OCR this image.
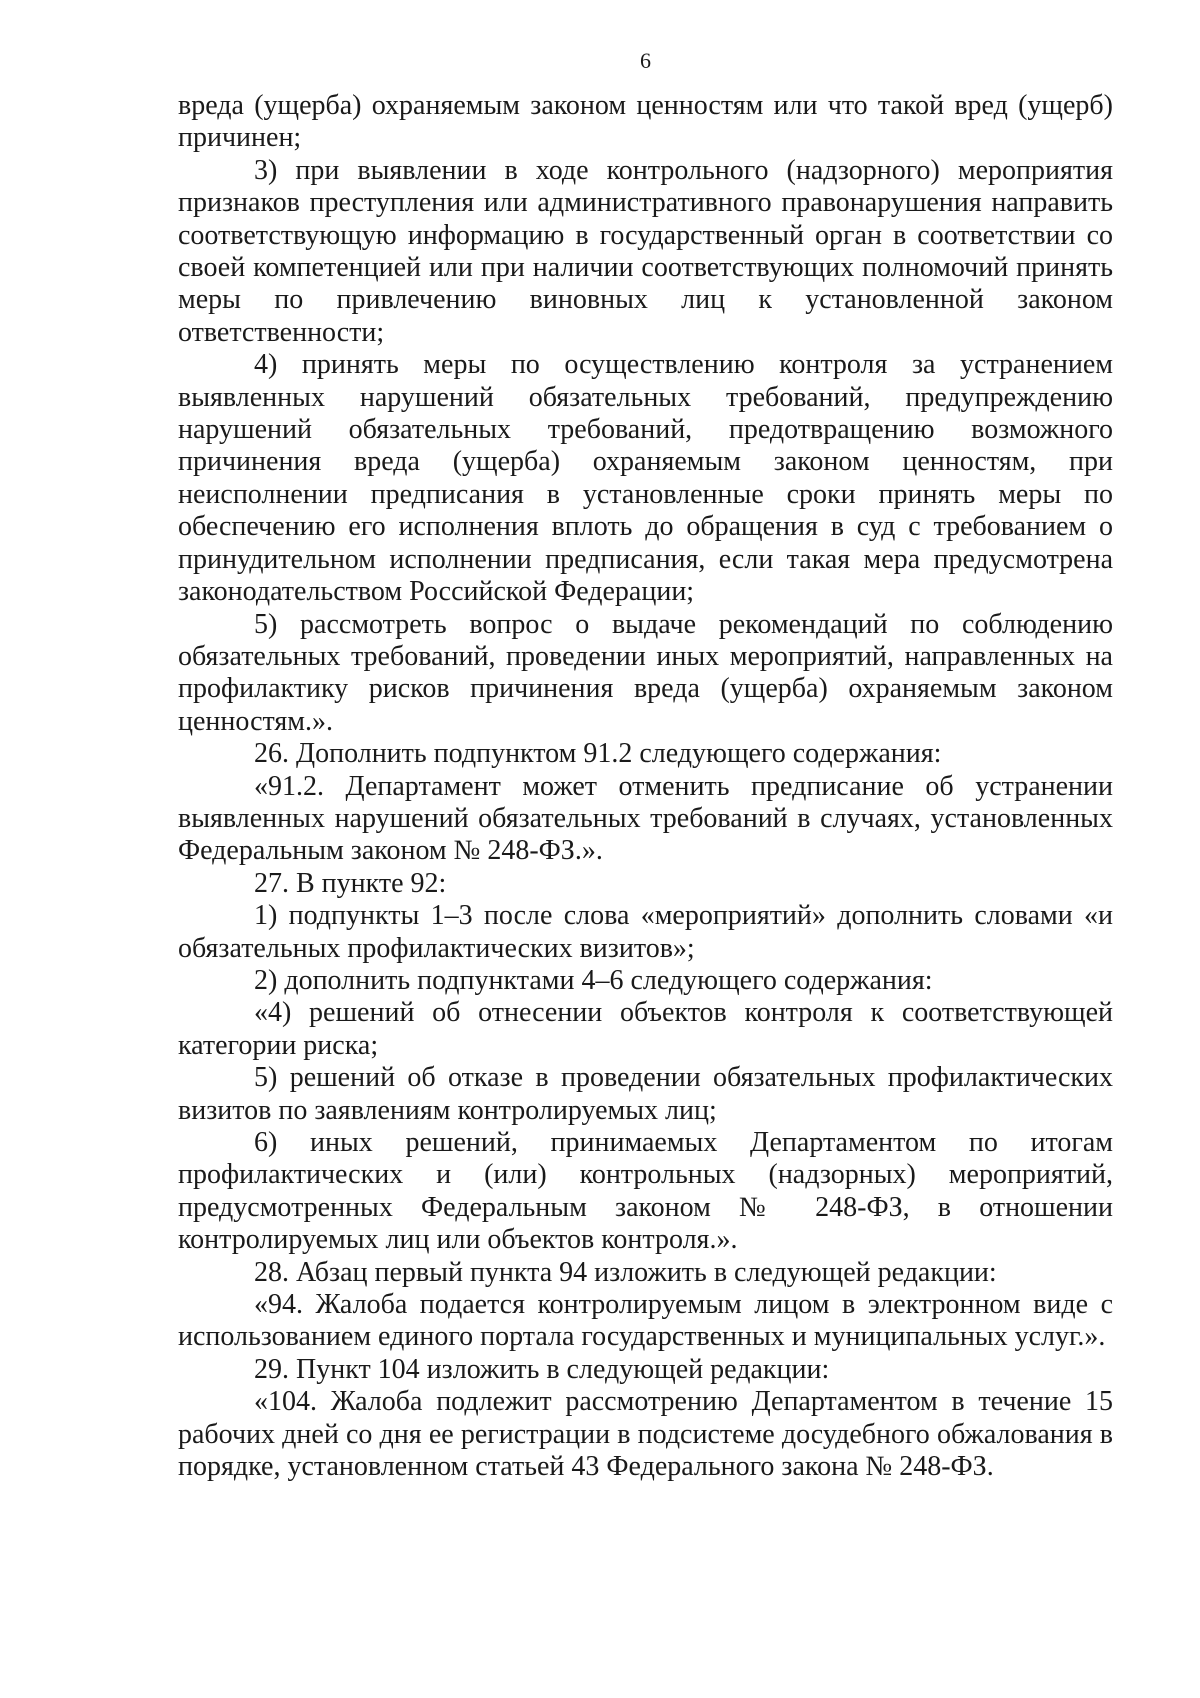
6

вреда (ущерба) охраняемым законом ценностям или что такой вред (ущерб) причинен;

3) при выявлении в ходе контрольного (надзорного) мероприятия признаков преступления или административного правонарушения направить соответствующую информацию в государственный орган в соответствии со своей компетенцией или при наличии соответствующих полномочий принять меры по привлечению виновных лиц к установленной законом ответственности;

4) принять меры по осуществлению контроля за устранением выявленных нарушений обязательных требований, предупреждению нарушений обязательных требований, предотвращению возможного причинения вреда (ущерба) охраняемым законом ценностям, при неисполнении предписания в установленные сроки принять меры по обеспечению его исполнения вплоть до обращения в суд с требованием о принудительном исполнении предписания, если такая мера предусмотрена законодательством Российской Федерации;

5) рассмотреть вопрос о выдаче рекомендаций по соблюдению обязательных требований, проведении иных мероприятий, направленных на профилактику рисков причинения вреда (ущерба) охраняемым законом ценностям.».

26. Дополнить подпунктом 91.2 следующего содержания:

«91.2. Департамент может отменить предписание об устранении выявленных нарушений обязательных требований в случаях, установленных Федеральным законом № 248-ФЗ.».

27. В пункте 92:

1) подпункты 1–3 после слова «мероприятий» дополнить словами «и обязательных профилактических визитов»;

2) дополнить подпунктами 4–6 следующего содержания:

«4) решений об отнесении объектов контроля к соответствующей категории риска;

5) решений об отказе в проведении обязательных профилактических визитов по заявлениям контролируемых лиц;

6) иных решений, принимаемых Департаментом по итогам профилактических и (или) контрольных (надзорных) мероприятий, предусмотренных Федеральным законом № 248-ФЗ, в отношении контролируемых лиц или объектов контроля.».

28. Абзац первый пункта 94 изложить в следующей редакции:

«94. Жалоба подается контролируемым лицом в электронном виде с использованием единого портала государственных и муниципальных услуг.».

29. Пункт 104 изложить в следующей редакции:

«104. Жалоба подлежит рассмотрению Департаментом в течение 15 рабочих дней со дня ее регистрации в подсистеме досудебного обжалования в порядке, установленном статьей 43 Федерального закона № 248-ФЗ.
